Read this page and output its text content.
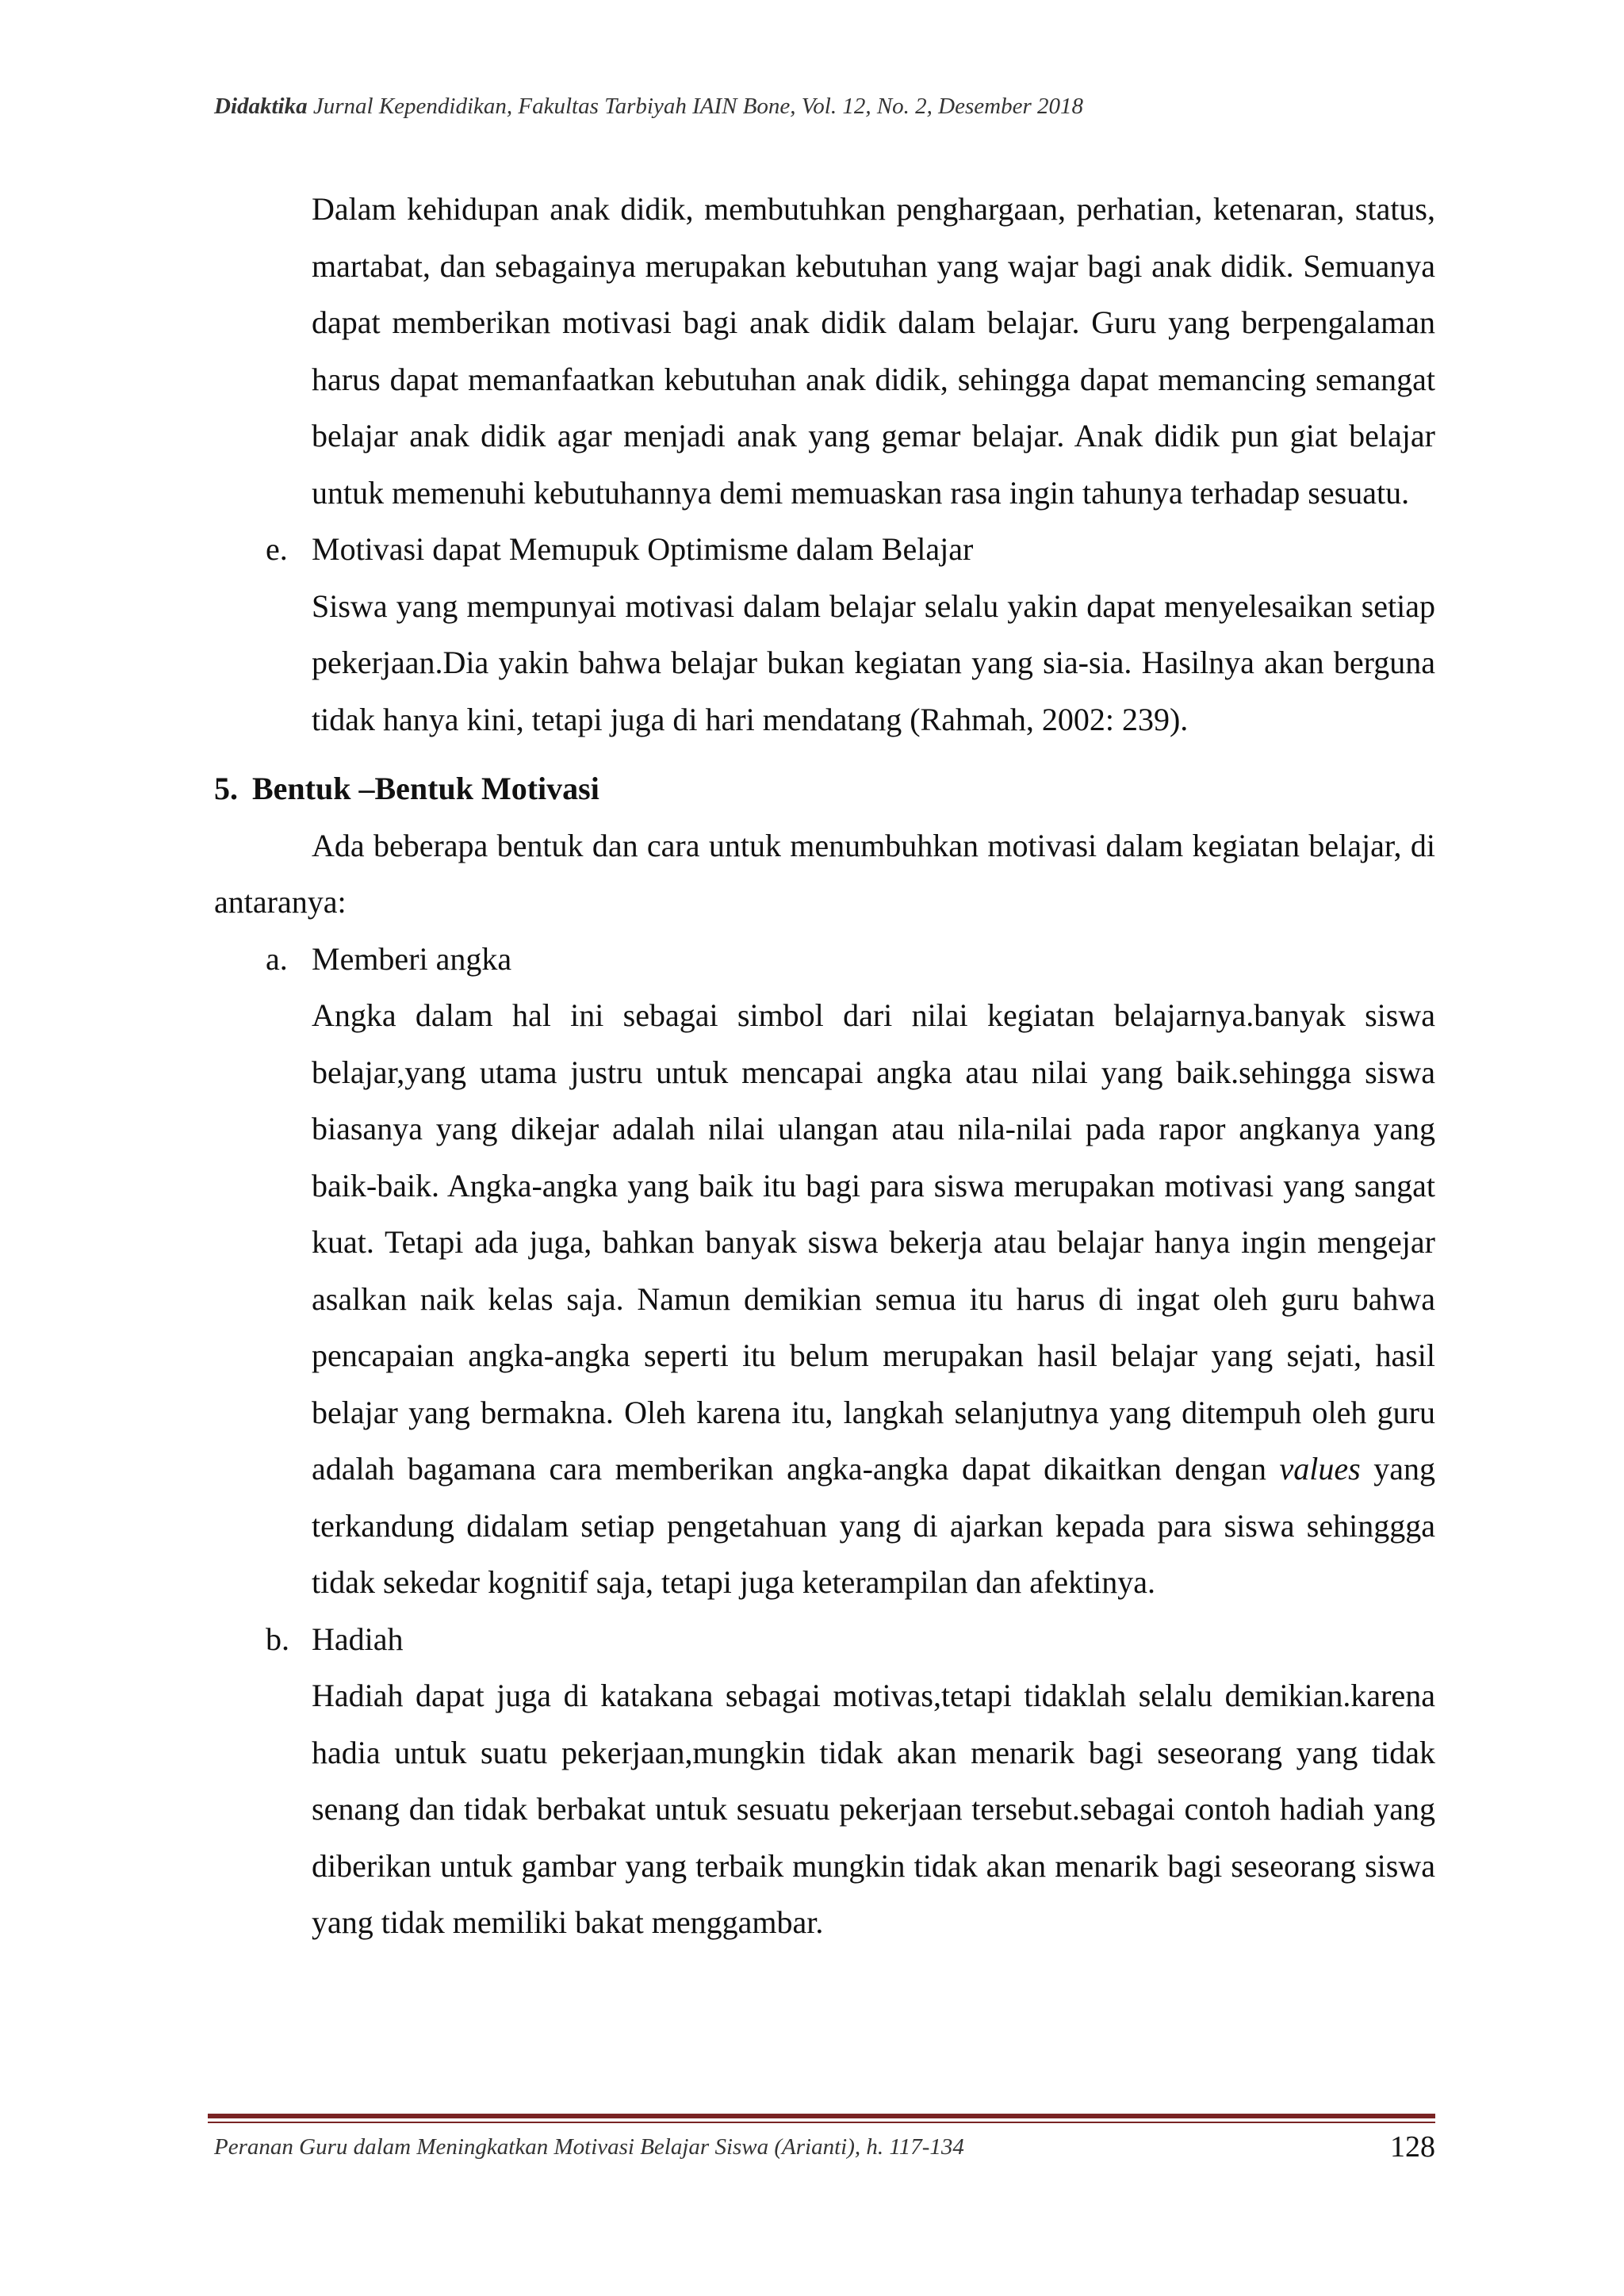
Didaktika Jurnal Kependidikan, Fakultas Tarbiyah IAIN Bone, Vol. 12, No. 2, Desember 2018

Dalam kehidupan anak didik, membutuhkan penghargaan, perhatian, ketenaran, status, martabat, dan sebagainya merupakan kebutuhan yang wajar bagi anak didik. Semuanya dapat memberikan motivasi bagi anak didik dalam belajar. Guru yang berpengalaman harus dapat memanfaatkan kebutuhan anak didik, sehingga dapat memancing semangat belajar anak didik agar menjadi anak yang gemar belajar. Anak didik pun giat belajar untuk memenuhi kebutuhannya demi memuaskan rasa ingin tahunya terhadap sesuatu.

e. Motivasi dapat Memupuk Optimisme dalam Belajar

Siswa yang mempunyai motivasi dalam belajar selalu yakin dapat menyelesaikan setiap pekerjaan.Dia yakin bahwa belajar bukan kegiatan yang sia-sia. Hasilnya akan berguna tidak hanya kini, tetapi juga di hari mendatang (Rahmah, 2002: 239).

5. Bentuk –Bentuk Motivasi

Ada beberapa bentuk dan cara untuk menumbuhkan motivasi dalam kegiatan belajar, di antaranya:

a. Memberi angka

Angka dalam hal ini sebagai simbol dari nilai kegiatan belajarnya.banyak siswa belajar,yang utama justru untuk mencapai angka atau nilai yang baik.sehingga siswa biasanya yang dikejar adalah nilai ulangan atau nila-nilai pada rapor angkanya yang baik-baik. Angka-angka yang baik itu bagi para siswa merupakan motivasi yang sangat kuat. Tetapi ada juga, bahkan banyak siswa bekerja atau belajar hanya ingin mengejar asalkan naik kelas saja. Namun demikian semua itu harus di ingat oleh guru bahwa pencapaian angka-angka seperti itu belum merupakan hasil belajar yang sejati, hasil belajar yang bermakna. Oleh karena itu, langkah selanjutnya yang ditempuh oleh guru adalah bagamana cara memberikan angka-angka dapat dikaitkan dengan values yang terkandung didalam setiap pengetahuan yang di ajarkan kepada para siswa sehinggga tidak sekedar kognitif saja, tetapi juga keterampilan dan afektinya.

b. Hadiah

Hadiah dapat juga di katakana sebagai motivas,tetapi tidaklah selalu demikian.karena hadia untuk suatu pekerjaan,mungkin tidak akan menarik bagi seseorang yang tidak senang dan tidak berbakat untuk sesuatu pekerjaan tersebut.sebagai contoh hadiah yang diberikan untuk gambar yang terbaik mungkin tidak akan menarik bagi seseorang siswa yang tidak memiliki bakat menggambar.

Peranan Guru dalam Meningkatkan Motivasi Belajar Siswa (Arianti), h. 117-134	128
